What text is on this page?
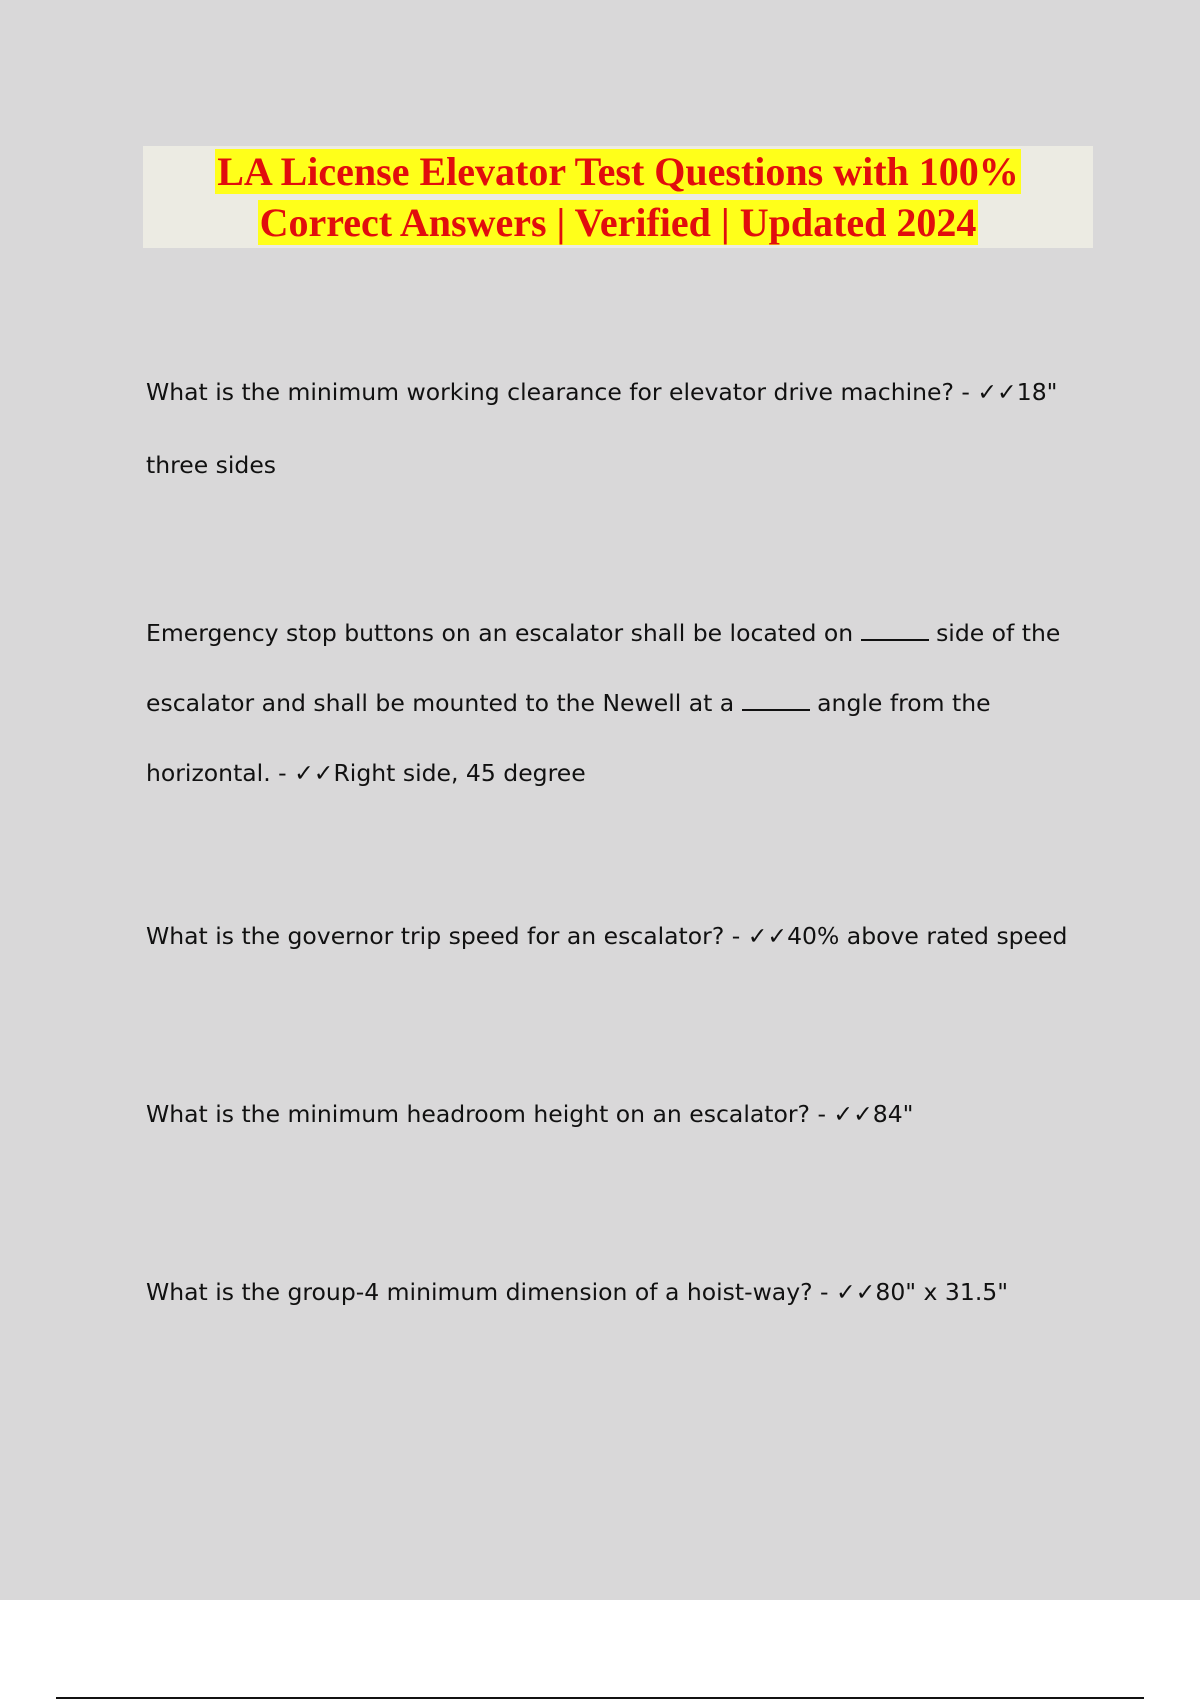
LA License Elevator Test Questions with 100%
Correct Answers | Verified | Updated 2024
What is the minimum working clearance for elevator drive machine? - ✓✓18"
three sides
Emergency stop buttons on an escalator shall be located on	side of the
escalator and shall be mounted to the Newell at a	angle from the
horizontal. - ✓✓Right side, 45 degree
What is the governor trip speed for an escalator? - ✓✓40% above rated speed
What is the minimum headroom height on an escalator? - ✓✓84"
What is the group-4 minimum dimension of a hoist-way? - ✓✓80" x 31.5"
